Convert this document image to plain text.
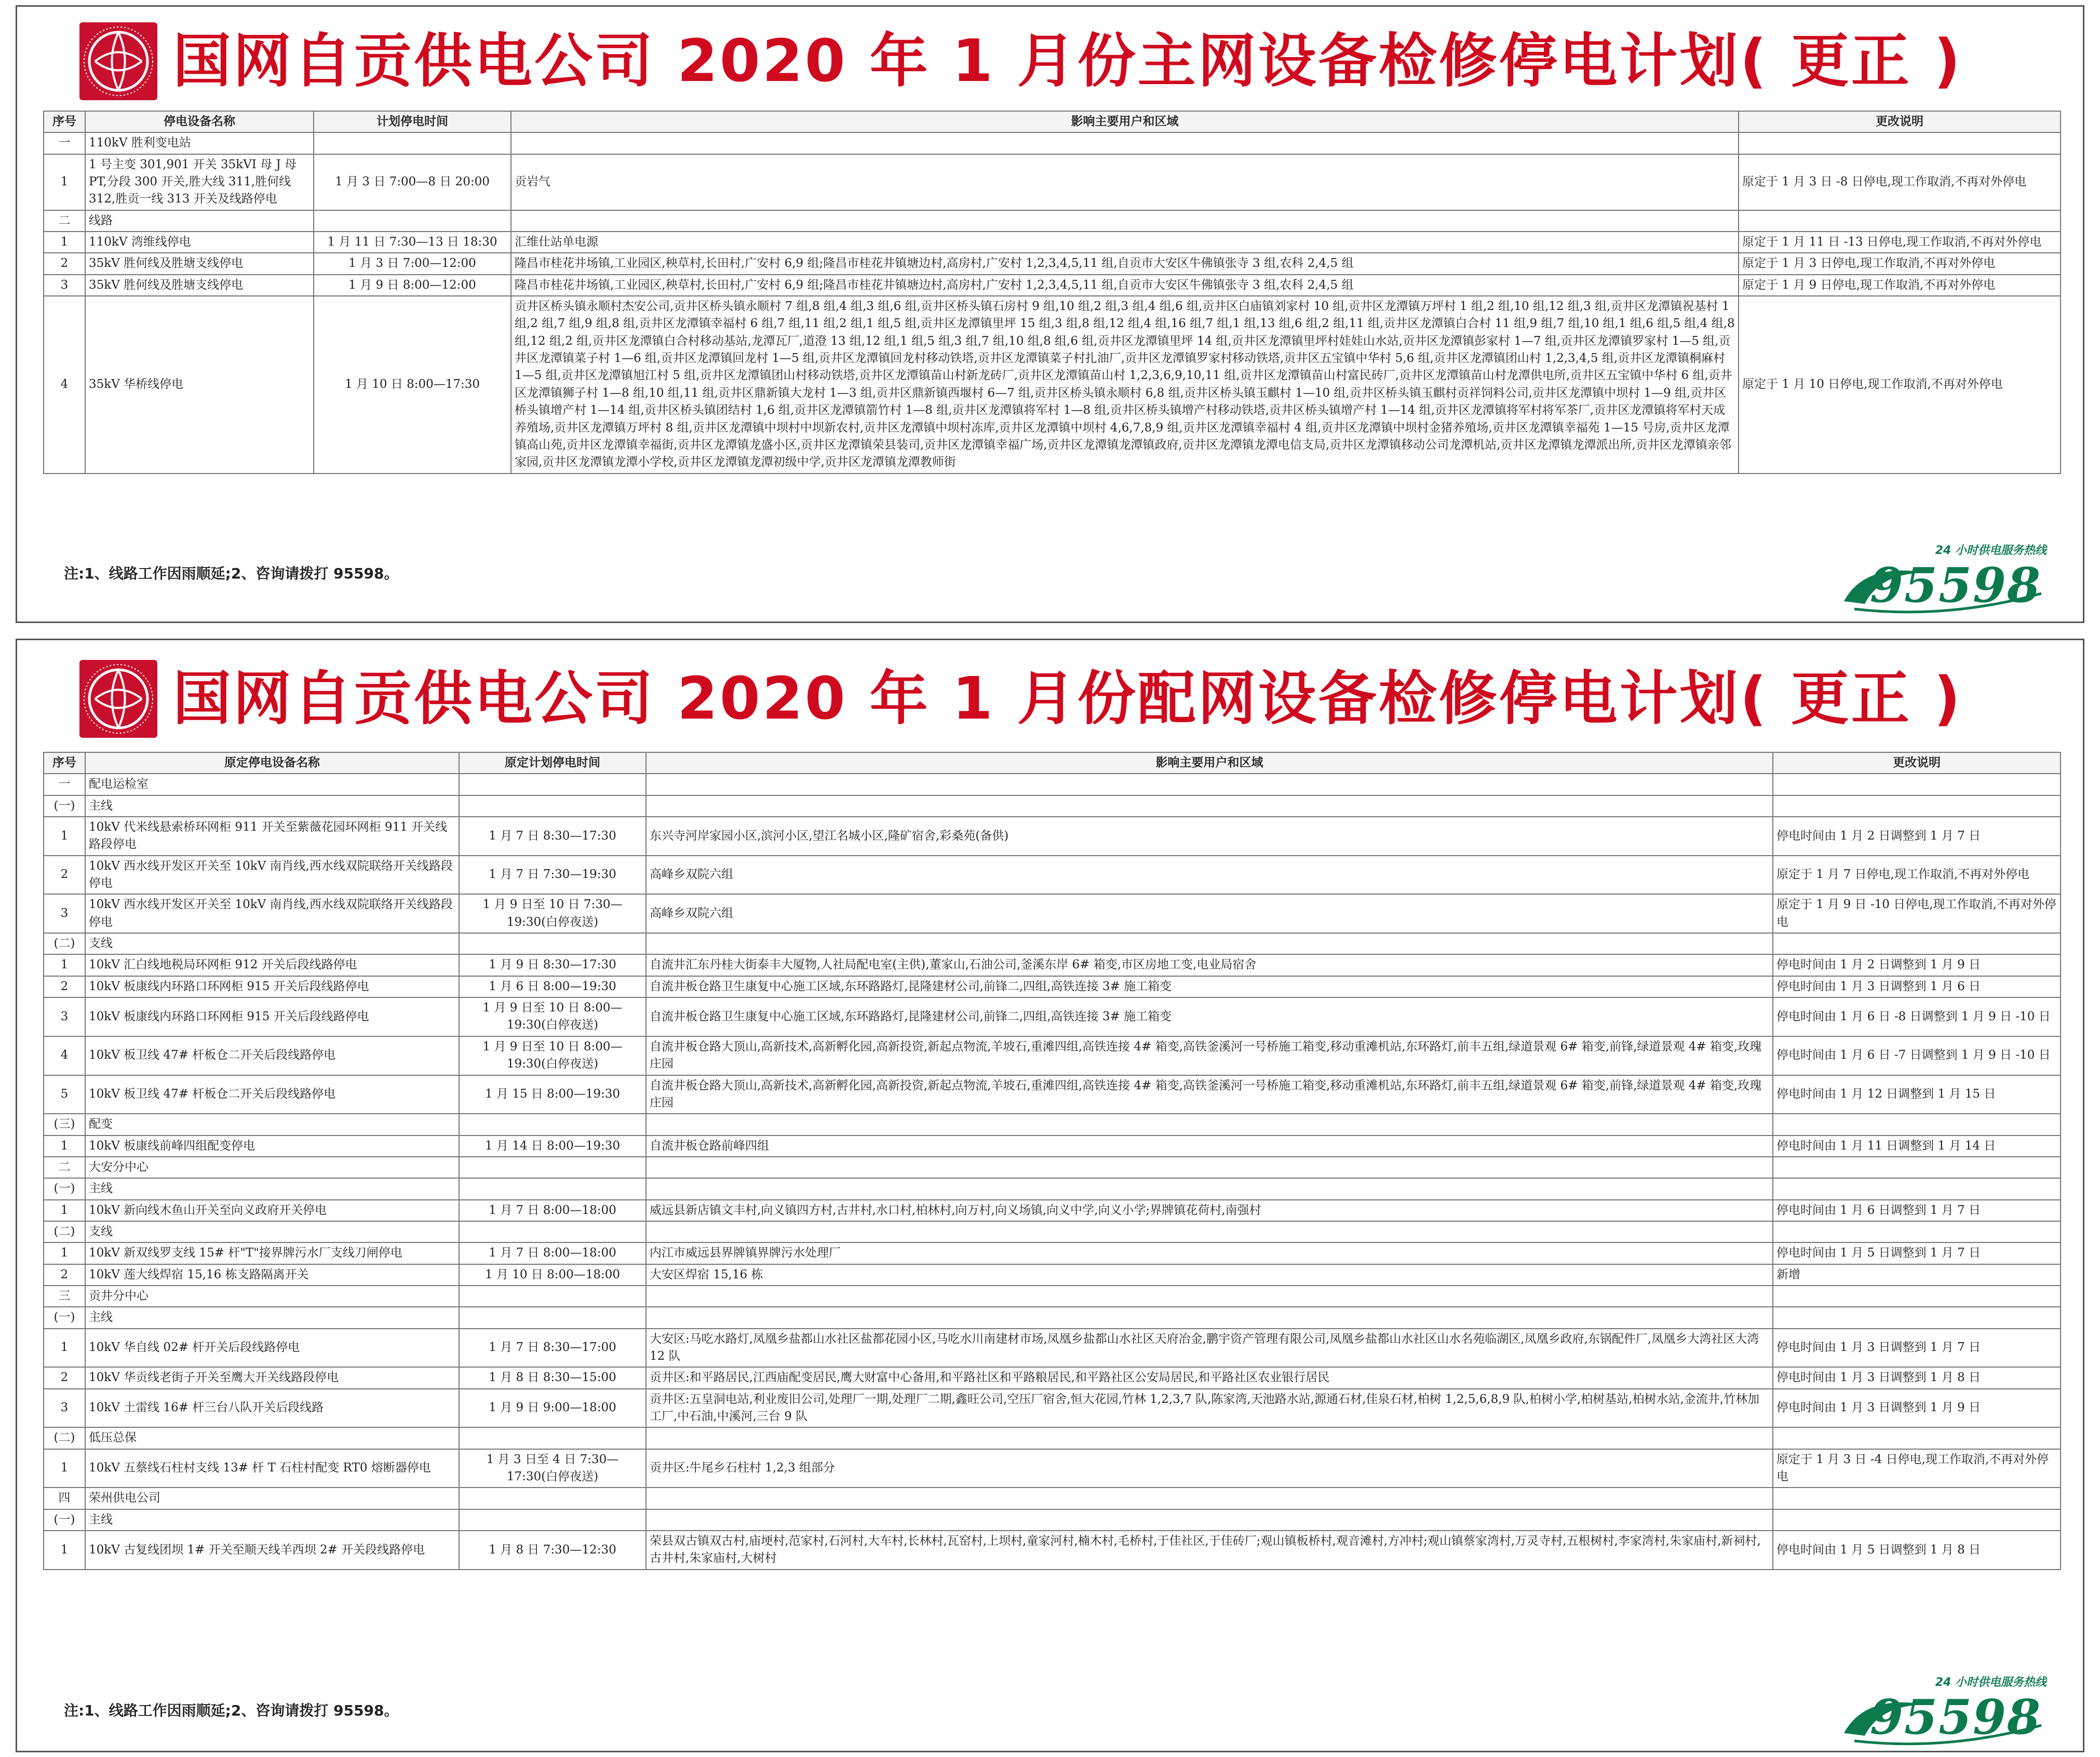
国网自贡供电公司 2020 年 1 月份主网设备检修停电计划( 更正 )
序号	停电设备名称	计划停电时间	影响主要用户和区域	更改说明
一	110kV 胜利变电站			
1	1 号主变 301,901 开关 35kVI 母 J 母 PT,分段 300 开关,胜大线 311,胜何线 312,胜贡一线 313 开关及线路停电	1 月 3 日 7:00—8 日 20:00	贡岩气	原定于 1 月 3 日 -8 日停电,现工作取消,不再对外停电
二	线路			
1	110kV 湾维线停电	1 月 11 日 7:30—13 日 18:30	汇维仕站单电源	原定于 1 月 11 日 -13 日停电,现工作取消,不再对外停电
2	35kV 胜何线及胜塘支线停电	1 月 3 日 7:00—12:00	隆昌市桂花井场镇,工业园区,秧草村,长田村,广安村 6,9 组;隆昌市桂花井镇塘边村,高房村,广安村 1,2,3,4,5,11 组,自贡市大安区牛佛镇张寺 3 组,农科 2,4,5 组	原定于 1 月 3 日停电,现工作取消,不再对外停电
3	35kV 胜何线及胜塘支线停电	1 月 9 日 8:00—12:00	隆昌市桂花井场镇,工业园区,秧草村,长田村,广安村 6,9 组;隆昌市桂花井镇塘边村,高房村,广安村 1,2,3,4,5,11 组,自贡市大安区牛佛镇张寺 3 组,农科 2,4,5 组	原定于 1 月 9 日停电,现工作取消,不再对外停电
4	35kV 华桥线停电	1 月 10 日 8:00—17:30	贡井区桥头镇永顺村杰安公司,贡井区桥头镇永顺村 7 组,8 组,4 组,3 组,6 组,贡井区桥头镇石房村 9 组,10 组,2 组,3 组,4 组,6 组,贡井区白庙镇刘家村 10 组,贡井区龙潭镇万坪村 1 组,2 组,10 组,12 组,3 组,贡井区龙潭镇祝基村 1 组,2 组,7 组,9 组,8 组,贡井区龙潭镇幸福村 6 组,7 组,11 组,2 组,1 组,5 组,贡井区龙潭镇里坪 15 组,3 组,8 组,12 组,4 组,16 组,7 组,1 组,13 组,6 组,2 组,11 组,贡井区龙潭镇白合村 11 组,9 组,7 组,10 组,1 组,6 组,5 组,4 组,8 组,12 组,2 组,贡井区龙潭镇白合村移动基站,龙潭瓦厂,道澄 13 组,12 组,1 组,5 组,3 组,7 组,10 组,8 组,6 组,贡井区龙潭镇里坪 14 组,贡井区龙潭镇里坪村娃娃山水站,贡井区龙潭镇彭家村 1—7 组,贡井区龙潭镇罗家村 1—5 组,贡井区龙潭镇菜子村 1—6 组,贡井区龙潭镇回龙村 1—5 组,贡井区龙潭镇回龙村移动铁塔,贡井区龙潭镇菜子村扎油厂,贡井区龙潭镇罗家村移动铁塔,贡井区五宝镇中华村 5,6 组,贡井区龙潭镇团山村 1,2,3,4,5 组,贡井区龙潭镇桐麻村 1—5 组,贡井区龙潭镇旭江村 5 组,贡井区龙潭镇团山村移动铁塔,贡井区龙潭镇苗山村新龙砖厂,贡井区龙潭镇苗山村 1,2,3,6,9,10,11 组,贡井区龙潭镇苗山村富民砖厂,贡井区龙潭镇苗山村龙潭供电所,贡井区五宝镇中华村 6 组,贡井区龙潭镇狮子村 1—8 组,10 组,11 组,贡井区鼎新镇大龙村 1—3 组,贡井区鼎新镇西堰村 6—7 组,贡井区桥头镇永顺村 6,8 组,贡井区桥头镇玉麒村 1—10 组,贡井区桥头镇玉麒村贡祥饲料公司,贡井区龙潭镇中坝村 1—9 组,贡井区桥头镇增产村 1—14 组,贡井区桥头镇团结村 1,6 组,贡井区龙潭镇箭竹村 1—8 组,贡井区龙潭镇将军村 1—8 组,贡井区桥头镇增产村移动铁塔,贡井区桥头镇增产村 1—14 组,贡井区龙潭镇将军村将军茶厂,贡井区龙潭镇将军村天成养殖场,贡井区龙潭镇万坪村 8 组,贡井区龙潭镇中坝村中坝新农村,贡井区龙潭镇中坝村冻库,贡井区龙潭镇中坝村 4,6,7,8,9 组,贡井区龙潭镇幸福村 4 组,贡井区龙潭镇中坝村金猪养殖场,贡井区龙潭镇幸福苑 1—15 号房,贡井区龙潭镇高山苑,贡井区龙潭镇幸福街,贡井区龙潭镇龙盛小区,贡井区龙潭镇荣县装司,贡井区龙潭镇幸福广场,贡井区龙潭镇龙潭镇政府,贡井区龙潭镇龙潭电信支局,贡井区龙潭镇移动公司龙潭机站,贡井区龙潭镇龙潭派出所,贡井区龙潭镇亲邻家园,贡井区龙潭镇龙潭小学校,贡井区龙潭镇龙潭初级中学,贡井区龙潭镇龙潭教师街	原定于 1 月 10 日停电,现工作取消,不再对外停电
注:1、线路工作因雨顺延;2、咨询请拨打 95598。
24 小时供电服务热线
95598
国网自贡供电公司 2020 年 1 月份配网设备检修停电计划( 更正 )
序号	原定停电设备名称	原定计划停电时间	影响主要用户和区域	更改说明
一	配电运检室			
(一)	主线			
1	10kV 代米线悬索桥环网柜 911 开关至紫薇花园环网柜 911 开关线路段停电	1 月 7 日 8:30—17:30	东兴寺河岸家园小区,滨河小区,望江名城小区,隆矿宿舍,彩桑苑(备供)	停电时间由 1 月 2 日调整到 1 月 7 日
2	10kV 西水线开发区开关至 10kV 南肖线,西水线双院联络开关线路段停电	1 月 7 日 7:30—19:30	高峰乡双院六组	原定于 1 月 7 日停电,现工作取消,不再对外停电
3	10kV 西水线开发区开关至 10kV 南肖线,西水线双院联络开关线路段停电	1 月 9 日至 10 日 7:30—19:30(白停夜送)	高峰乡双院六组	原定于 1 月 9 日 -10 日停电,现工作取消,不再对外停电
(二)	支线			
1	10kV 汇白线地税局环网柜 912 开关后段线路停电	1 月 9 日 8:30—17:30	自流井汇东丹桂大街泰丰大厦物,人社局配电室(主供),董家山,石油公司,釜溪东岸 6# 箱变,市区房地工变,电业局宿舍	停电时间由 1 月 2 日调整到 1 月 9 日
2	10kV 板康线内环路口环网柜 915 开关后段线路停电	1 月 6 日 8:00—19:30	自流井板仓路卫生康复中心施工区域,东环路路灯,昆隆建材公司,前锋二,四组,高铁连接 3# 施工箱变	停电时间由 1 月 3 日调整到 1 月 6 日
3	10kV 板康线内环路口环网柜 915 开关后段线路停电	1 月 9 日至 10 日 8:00—19:30(白停夜送)	自流井板仓路卫生康复中心施工区域,东环路路灯,昆隆建材公司,前锋二,四组,高铁连接 3# 施工箱变	停电时间由 1 月 6 日 -8 日调整到 1 月 9 日 -10 日
4	10kV 板卫线 47# 杆板仓二开关后段线路停电	1 月 9 日至 10 日 8:00—19:30(白停夜送)	自流井板仓路大顶山,高新技术,高新孵化园,高新投资,新起点物流,羊坡石,重滩四组,高铁连接 4# 箱变,高铁釜溪河一号桥施工箱变,移动重滩机站,东环路灯,前丰五组,绿道景观 6# 箱变,前锋,绿道景观 4# 箱变,玫瑰庄园	停电时间由 1 月 6 日 -7 日调整到 1 月 9 日 -10 日
5	10kV 板卫线 47# 杆板仓二开关后段线路停电	1 月 15 日 8:00—19:30	自流井板仓路大顶山,高新技术,高新孵化园,高新投资,新起点物流,羊坡石,重滩四组,高铁连接 4# 箱变,高铁釜溪河一号桥施工箱变,移动重滩机站,东环路灯,前丰五组,绿道景观 6# 箱变,前锋,绿道景观 4# 箱变,玫瑰庄园	停电时间由 1 月 12 日调整到 1 月 15 日
(三)	配变			
1	10kV 板康线前峰四组配变停电	1 月 14 日 8:00—19:30	自流井板仓路前峰四组	停电时间由 1 月 11 日调整到 1 月 14 日
二	大安分中心			
(一)	主线			
1	10kV 新向线木鱼山开关至向义政府开关停电	1 月 7 日 8:00—18:00	威远县新店镇文丰村,向义镇四方村,古井村,水口村,柏林村,向万村,向义场镇,向义中学,向义小学;界牌镇花荷村,南强村	停电时间由 1 月 6 日调整到 1 月 7 日
(二)	支线			
1	10kV 新双线罗支线 15# 杆"T"接界牌污水厂支线刀闸停电	1 月 7 日 8:00—18:00	内江市威远县界牌镇界牌污水处理厂	停电时间由 1 月 5 日调整到 1 月 7 日
2	10kV 莲大线焊宿 15,16 栋支路隔离开关	1 月 10 日 8:00—18:00	大安区焊宿 15,16 栋	新增
三	贡井分中心			
(一)	主线			
1	10kV 华自线 02# 杆开关后段线路停电	1 月 7 日 8:30—17:00	大安区:马吃水路灯,凤凰乡盐都山水社区盐都花园小区,马吃水川南建材市场,凤凰乡盐都山水社区天府冶金,鹏宇资产管理有限公司,凤凰乡盐都山水社区山水名苑临湖区,凤凰乡政府,东锅配件厂,凤凰乡大湾社区大湾 12 队	停电时间由 1 月 3 日调整到 1 月 7 日
2	10kV 华贡线老街子开关至鹰大开关线路段停电	1 月 8 日 8:30—15:00	贡井区:和平路居民,江西庙配变居民,鹰大财富中心备用,和平路社区和平路粮居民,和平路社区公安局居民,和平路社区农业银行居民	停电时间由 1 月 3 日调整到 1 月 8 日
3	10kV 土雷线 16# 杆三台八队开关后段线路	1 月 9 日 9:00—18:00	贡井区:五皇洞电站,利业废旧公司,处理厂一期,处理厂二期,鑫旺公司,空压厂宿舍,恒大花园,竹林 1,2,3,7 队,陈家湾,天池路水站,源通石材,佳泉石材,柏树 1,2,5,6,8,9 队,柏树小学,柏树基站,柏树水站,金流井,竹林加工厂,中石油,中溪河,三台 9 队	停电时间由 1 月 3 日调整到 1 月 9 日
(二)	低压总保			
1	10kV 五蔡线石柱村支线 13# 杆 T 石柱村配变 RT0 熔断器停电	1 月 3 日至 4 日 7:30—17:30(白停夜送)	贡井区:牛尾乡石柱村 1,2,3 组部分	原定于 1 月 3 日 -4 日停电,现工作取消,不再对外停电
四	荣州供电公司			
(一)	主线			
1	10kV 古复线团坝 1# 开关至顺天线羊西坝 2# 开关段线路停电	1 月 8 日 7:30—12:30	荣县双古镇双古村,庙埂村,范家村,石河村,大车村,长林村,瓦窑村,上坝村,童家河村,楠木村,毛桥村,于佳社区,于佳砖厂;观山镇板桥村,观音滩村,方冲村;观山镇蔡家湾村,万灵寺村,五根树村,李家湾村,朱家庙村,新祠村,古井村,朱家庙村,大树村	停电时间由 1 月 5 日调整到 1 月 8 日
注:1、线路工作因雨顺延;2、咨询请拨打 95598。
24 小时供电服务热线
95598
